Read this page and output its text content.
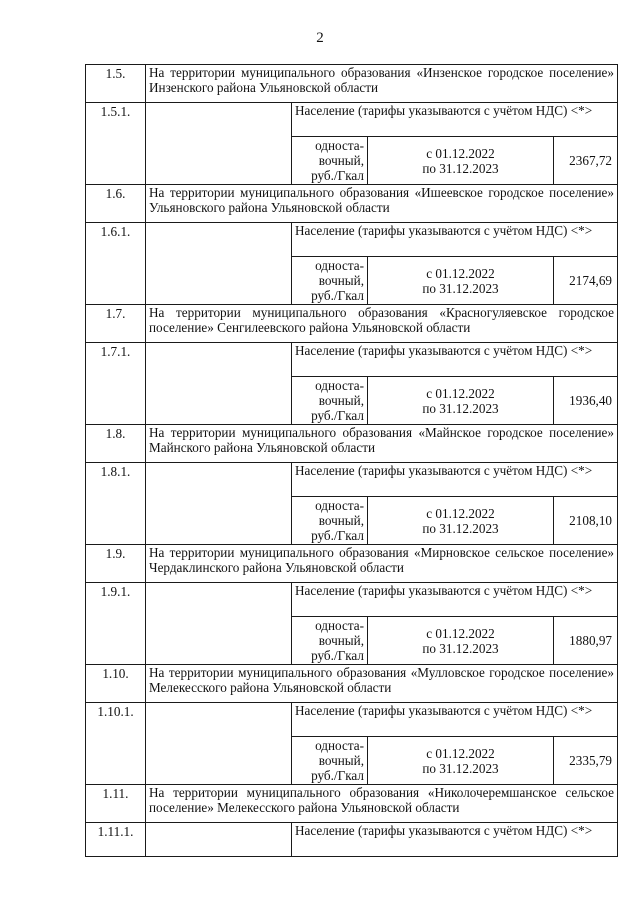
2
1.5.	На территории муниципального образования «Инзенское городское поселение» Инзенского района Ульяновской области			
1.5.1.		Население (тарифы указываются с учётом НДС) <*>		

		односта-
вочный,
руб./Гкал	с 01.12.2022
по 31.12.2023	2367,72
1.6.	На территории муниципального образования «Ишеевское городское поселение» Ульяновского района Ульяновской области			
1.6.1.		Население (тарифы указываются с учётом НДС) <*>		

		односта-
вочный,
руб./Гкал	с 01.12.2022
по 31.12.2023	2174,69
1.7.	На территории муниципального образования «Красногуляевское городское поселение» Сенгилеевского района Ульяновской области			
1.7.1.		Население (тарифы указываются с учётом НДС) <*>		

		односта-
вочный,
руб./Гкал	с 01.12.2022
по 31.12.2023	1936,40
1.8.	На территории муниципального образования «Майнское городское поселение» Майнского района Ульяновской области			
1.8.1.		Население (тарифы указываются с учётом НДС) <*>		

		односта-
вочный,
руб./Гкал	с 01.12.2022
по 31.12.2023	2108,10
1.9.	На территории муниципального образования «Мирновское сельское поселение» Чердаклинского района Ульяновской области			
1.9.1.		Население (тарифы указываются с учётом НДС) <*>		

		односта-
вочный,
руб./Гкал	с 01.12.2022
по 31.12.2023	1880,97
1.10.	На территории муниципального образования «Мулловское городское поселение» Мелекесского района Ульяновской области			
1.10.1.		Население (тарифы указываются с учётом НДС) <*>		

		односта-
вочный,
руб./Гкал	с 01.12.2022
по 31.12.2023	2335,79
1.11.	На территории муниципального образования «Николочеремшанское сельское поселение» Мелекесского района Ульяновской области			
1.11.1.		Население (тарифы указываются с учётом НДС) <*>		
